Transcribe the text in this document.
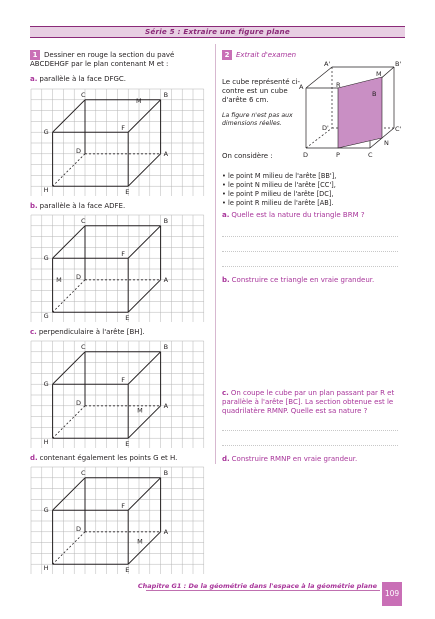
Série 5 : Extraire une figure plane
1 Dessiner en rouge la section du pavé ABCDEHGF par le plan contenant M et :
a. parallèle à la face DFGC.
b. parallèle à la face ADFE.
c. perpendiculaire à l'arête [BH].
d. contenant également les points G et H.
C	B
G	F
D	A
H	E
M
C	B
G	F
D	A
G	E
M
C	B
G	F
D	A
H	E
M
C	B
G	F
D	A
H	E
M
2 Extrait d'examen
Le cube représenté ci-contre est un cube d'arête 6 cm.
La figure n'est pas aux dimensions réelles.
On considère :
• le point M milieu de l'arête [BB'],
• le point N milieu de l'arête [CC'],
• le point P milieu de l'arête [DC],
• le point R milieu de l'arête [AB].
a. Quelle est la nature du triangle BRM ?
b. Construire ce triangle en vraie grandeur.
c. On coupe le cube par un plan passant par R et parallèle à l'arête [BC]. La section obtenue est le quadrilatère RMNP. Quelle est sa nature ?
d. Construire RMNP en vraie grandeur.
A'	B'
M
A	R
B
D'	C'
N
D	P	C
Chapitre G1 : De la géométrie dans l'espace à la géométrie plane
109
